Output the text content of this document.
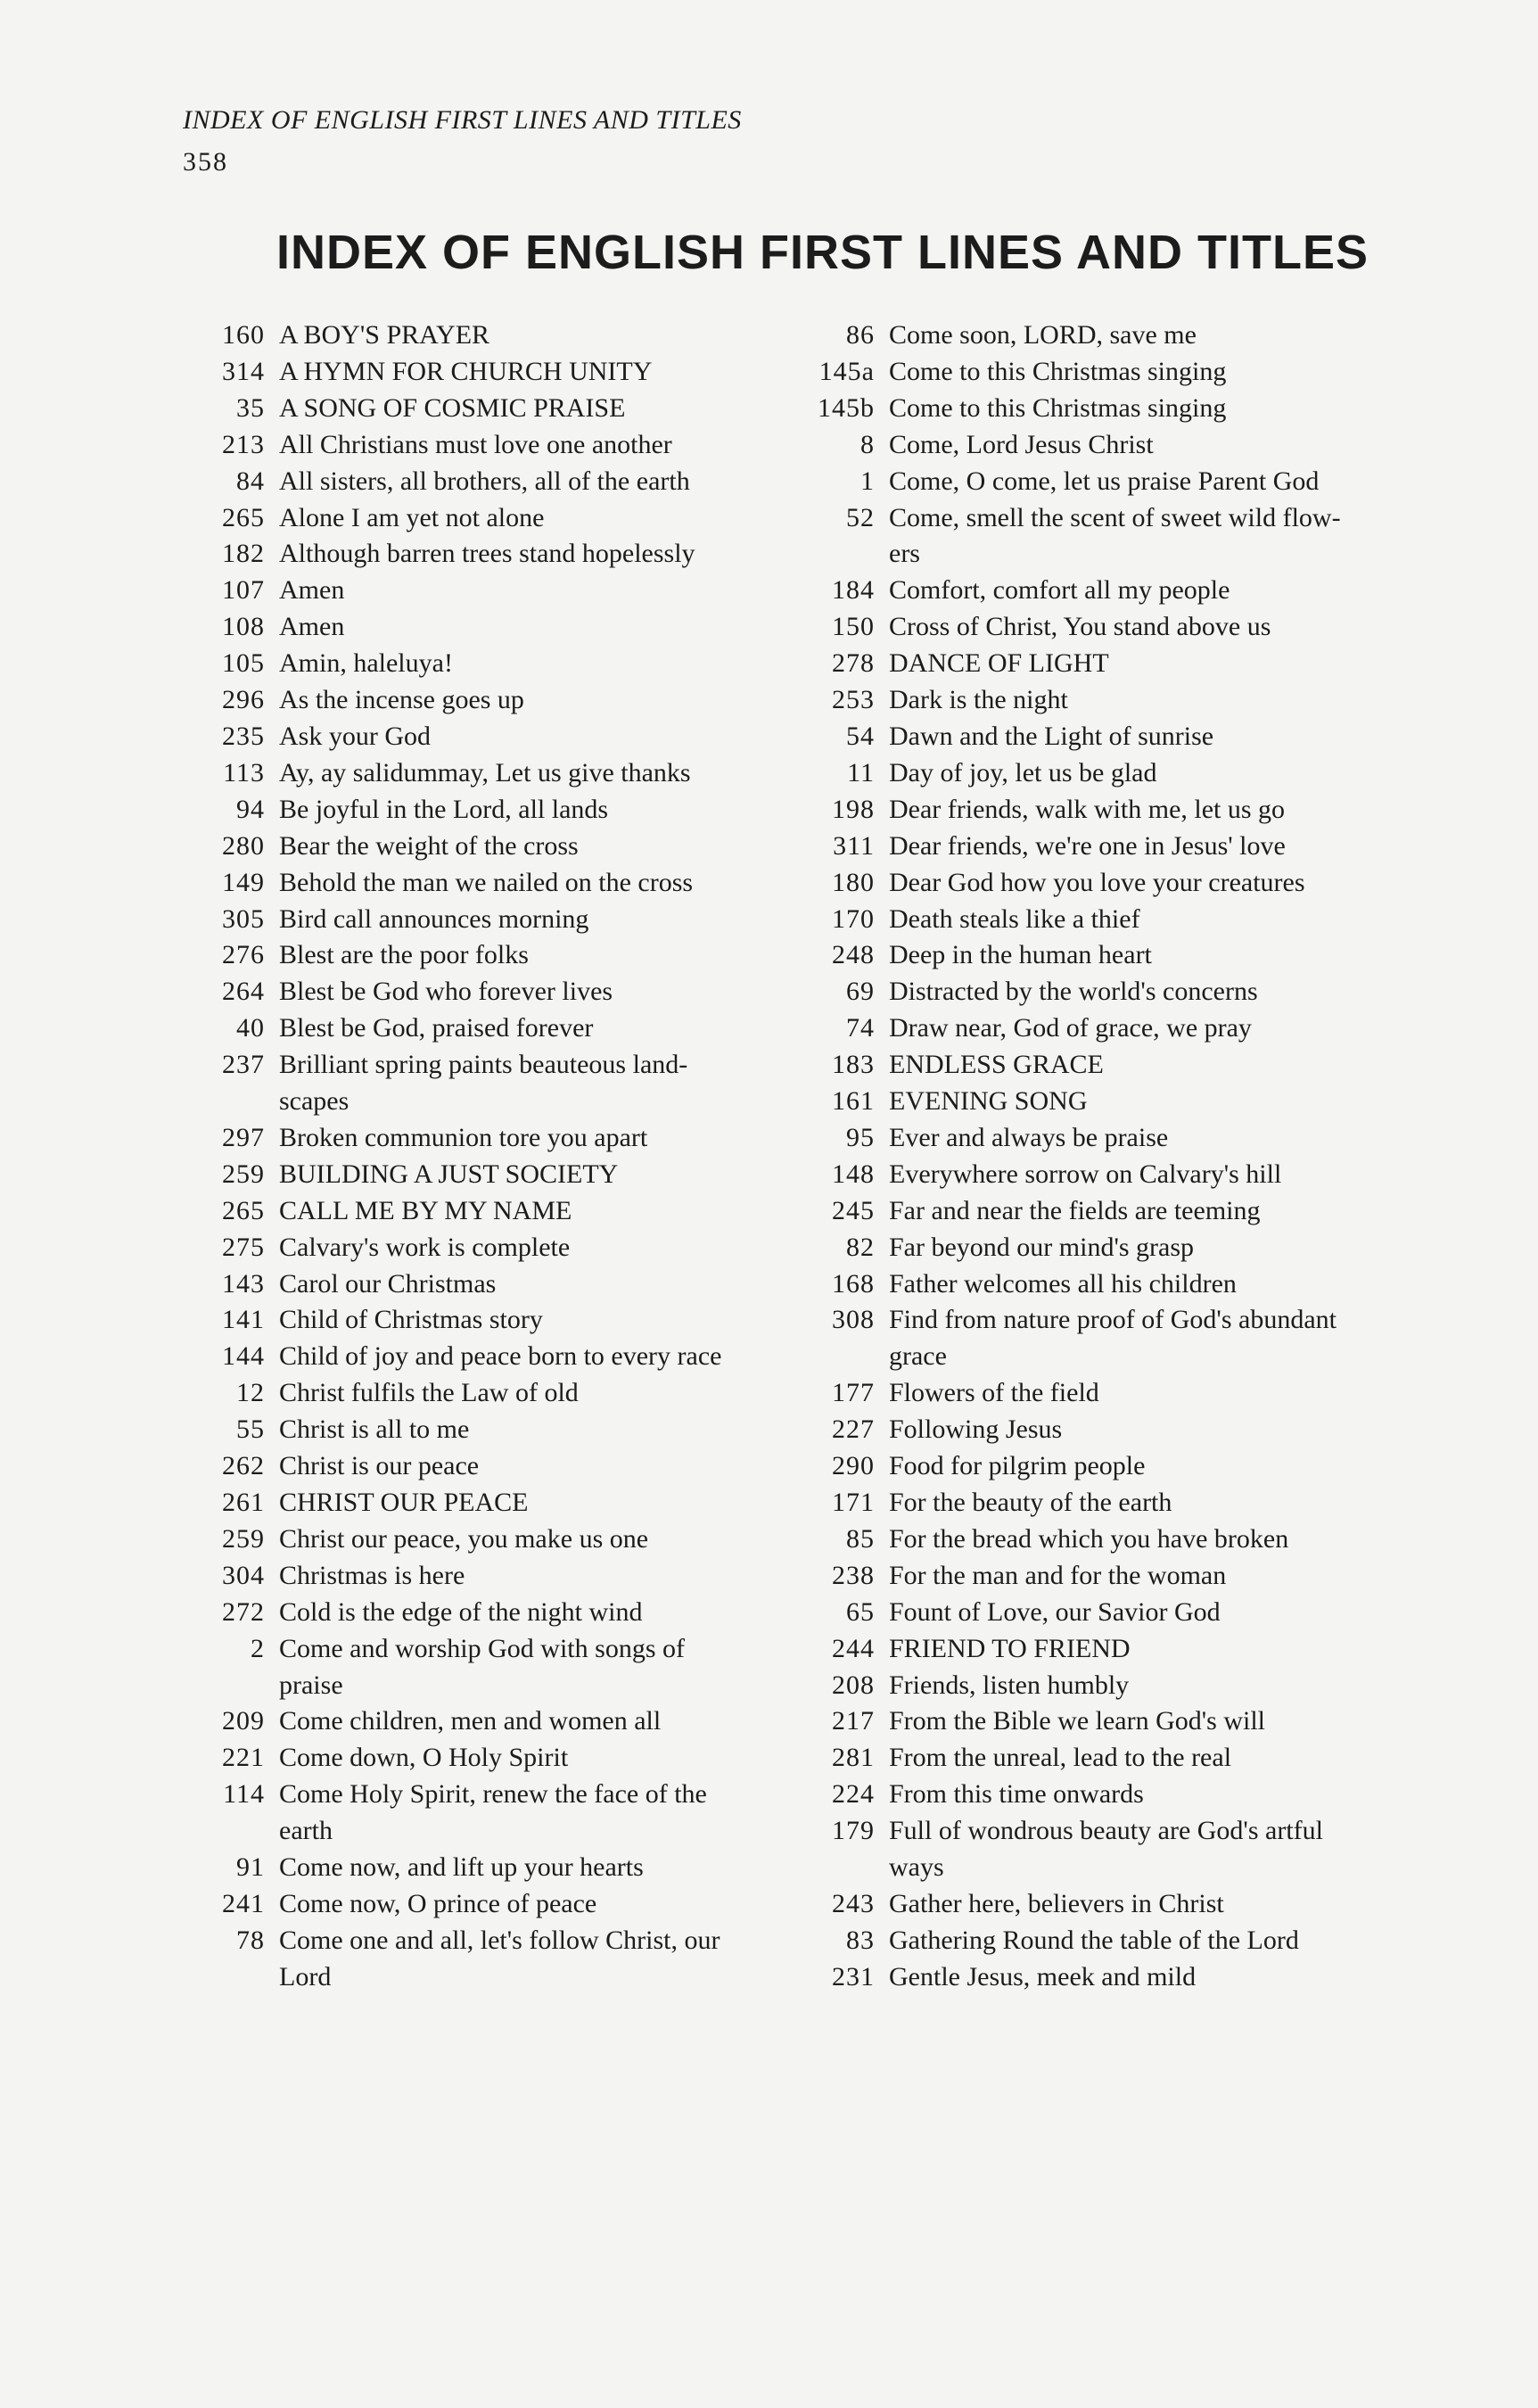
INDEX OF ENGLISH FIRST LINES AND TITLES
358
INDEX OF ENGLISH FIRST LINES AND TITLES
160 A BOY'S PRAYER
314 A HYMN FOR CHURCH UNITY
35 A SONG OF COSMIC PRAISE
213 All Christians must love one another
84 All sisters, all brothers, all of the earth
265 Alone I am yet not alone
182 Although barren trees stand hopelessly
107 Amen
108 Amen
105 Amin, haleluya!
296 As the incense goes up
235 Ask your God
113 Ay, ay salidummay, Let us give thanks
94 Be joyful in the Lord, all lands
280 Bear the weight of the cross
149 Behold the man we nailed on the cross
305 Bird call announces morning
276 Blest are the poor folks
264 Blest be God who forever lives
40 Blest be God, praised forever
237 Brilliant spring paints beauteous land-
scapes
297 Broken communion tore you apart
259 BUILDING A JUST SOCIETY
265 CALL ME BY MY NAME
275 Calvary's work is complete
143 Carol our Christmas
141 Child of Christmas story
144 Child of joy and peace born to every race
12 Christ fulfils the Law of old
55 Christ is all to me
262 Christ is our peace
261 CHRIST OUR PEACE
259 Christ our peace, you make us one
304 Christmas is here
272 Cold is the edge of the night wind
2 Come and worship God with songs of
praise
209 Come children, men and women all
221 Come down, O Holy Spirit
114 Come Holy Spirit, renew the face of the
earth
91 Come now, and lift up your hearts
241 Come now, O prince of peace
78 Come one and all, let's follow Christ, our
Lord
86 Come soon, LORD, save me
145a Come to this Christmas singing
145b Come to this Christmas singing
8 Come, Lord Jesus Christ
1 Come, O come, let us praise Parent God
52 Come, smell the scent of sweet wild flow-
ers
184 Comfort, comfort all my people
150 Cross of Christ, You stand above us
278 DANCE OF LIGHT
253 Dark is the night
54 Dawn and the Light of sunrise
11 Day of joy, let us be glad
198 Dear friends, walk with me, let us go
311 Dear friends, we're one in Jesus' love
180 Dear God how you love your creatures
170 Death steals like a thief
248 Deep in the human heart
69 Distracted by the world's concerns
74 Draw near, God of grace, we pray
183 ENDLESS GRACE
161 EVENING SONG
95 Ever and always be praise
148 Everywhere sorrow on Calvary's hill
245 Far and near the fields are teeming
82 Far beyond our mind's grasp
168 Father welcomes all his children
308 Find from nature proof of God's abundant
grace
177 Flowers of the field
227 Following Jesus
290 Food for pilgrim people
171 For the beauty of the earth
85 For the bread which you have broken
238 For the man and for the woman
65 Fount of Love, our Savior God
244 FRIEND TO FRIEND
208 Friends, listen humbly
217 From the Bible we learn God's will
281 From the unreal, lead to the real
224 From this time onwards
179 Full of wondrous beauty are God's artful
ways
243 Gather here, believers in Christ
83 Gathering Round the table of the Lord
231 Gentle Jesus, meek and mild
